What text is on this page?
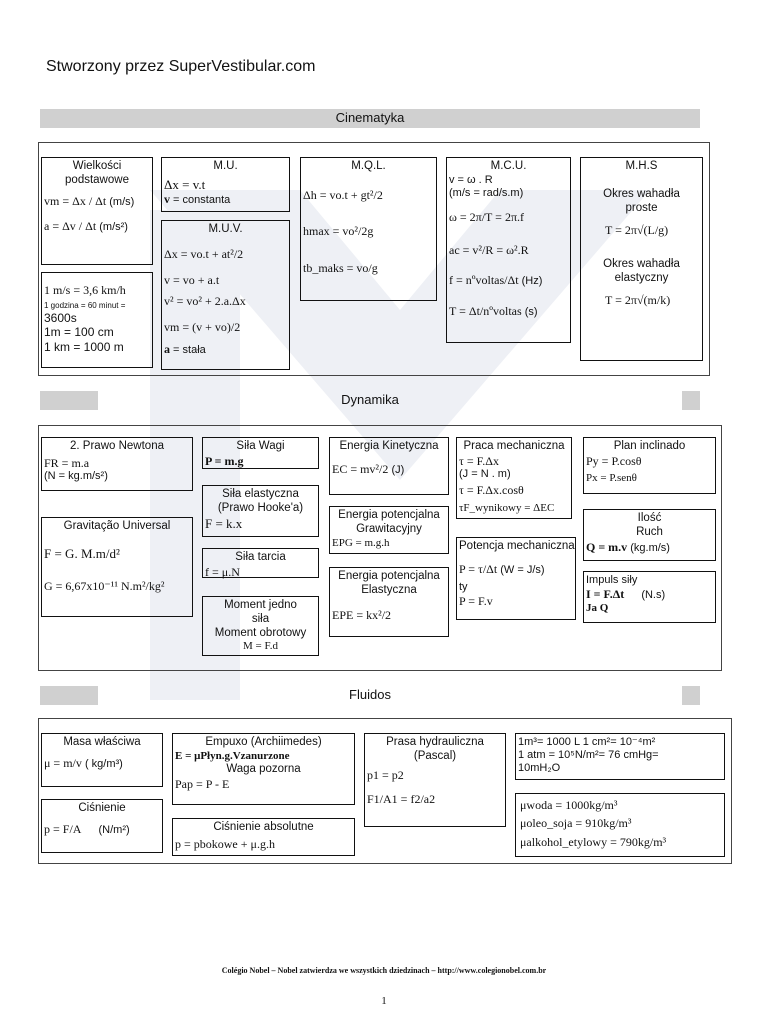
Stworzony przez SuperVestibular.com
Cinematyka
Wielkości
podstawowe
vm = Δx / Δt (m/s)
a = Δv / Δt (m/s²)
1 m/s = 3,6 km/h
1 godzina = 60 minut =
3600s
1m = 100 cm
1 km = 1000 m
M.U.
Δx = v.t
v = constanta
M.U.V.
Δx = vo.t + at²/2
v = vo + a.t
v² = vo² + 2.a.Δx
vm = (v + vo)/2
a = stała
M.Q.L.
Δh = vo.t + gt²/2
hmax = vo²/2g
tb_maks = vo/g
M.C.U.
v = ω . R
(m/s = rad/s.m)
ω = 2π/T = 2π.f
ac = v²/R = ω².R
f = nºvoltas/Δt (Hz)
T = Δt/nºvoltas (s)
M.H.S
Okres wahadła
proste
T = 2π√(L/g)
Okres wahadła
elastyczny
T = 2π√(m/k)
Dynamika
2. Prawo Newtona
FR = m.a
(N = kg.m/s²)
Gravitação Universal
F = G. M.m/d²
G = 6,67x10⁻¹¹ N.m²/kg²
Siła Wagi
P = m.g
Siła elastyczna
(Prawo Hooke'a)
F = k.x
Siła tarcia
f = μ.N
Moment jedno
siła
Moment obrotowy
M = F.d
Energia Kinetyczna
EC = mv²/2 (J)
Energia potencjalna
Grawitacyjny
EPG = m.g.h
Energia potencjalna
Elastyczna
EPE = kx²/2
Praca mechaniczna
τ = F.Δx
(J = N . m)
τ = F.Δx.cosθ
τF_wynikowy = ΔEC
Potencja mechaniczna
P = τ/Δt (W = J/s)
ty
P = F.v
Plan inclinado
Py = P.cosθ
Px = P.senθ
Ilość
Ruch
Q = m.v (kg.m/s)
Impuls siły
I = F.Δt (N.s)
Ja Q
Fluidos
Masa właściwa
μ = m/v ( kg/m³)
Ciśnienie
p = F/A (N/m²)
Empuxo (Archiimedes)
E = μPłyn.g.Vzanurzone
Waga pozorna
Pap = P - E
Ciśnienie absolutne
p = pbokowe + μ.g.h
Prasa hydrauliczna
(Pascal)
p1 = p2
F1/A1 = f2/a2
1m³= 1000 L 1 cm²= 10⁻⁴m²
1 atm = 10⁵N/m²= 76 cmHg=
10mH₂O
μwoda = 1000kg/m³
μoleo_soja = 910kg/m³
μalkohol_etylowy = 790kg/m³
Colégio Nobel – Nobel zatwierdza we wszystkich dziedzinach – http://www.colegionobel.com.br
1
